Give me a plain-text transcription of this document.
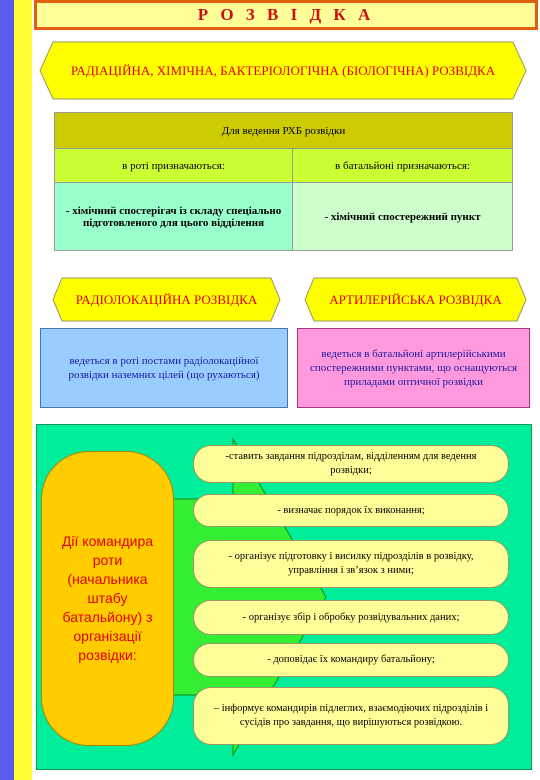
Р О З В І Д К А
РАДІАЦІЙНА, ХІМІЧНА, БАКТЕРІОЛОГІЧНА (БІОЛОГІЧНА) РОЗВІДКА
Для ведення РХБ розвідки	
в роті призначаються:	в батальйоні призначаються:
- хімічний спостерігач із складу спеціально підготовленого для цього відділення	- хімічний спостережний пункт
РАДІОЛОКАЦІЙНА РОЗВІДКА	АРТИЛЕРІЙСЬКА РОЗВІДКА
ведеться в роті постами радіолокаційної розвідки наземних цілей (що рухаються)
ведеться в батальйоні артилерійськими спостережними пунктами, що оснащуються приладами оптичної розвідки
Дії командира роти (начальника штабу батальйону) з організації розвідки:
-ставить завдання підрозділам, відділенням для ведення розвідки;
- визначає порядок їх виконання;
- організує підготовку і висилку підрозділів в розвідку, управління і зв’язок з ними;
- організує збір і обробку розвідувальних даних;
- доповідає їх командиру батальйону;
– інформує командирів підлеглих, взаємодіючих підрозділів і сусідів про завдання, що вирішуються розвідкою.
